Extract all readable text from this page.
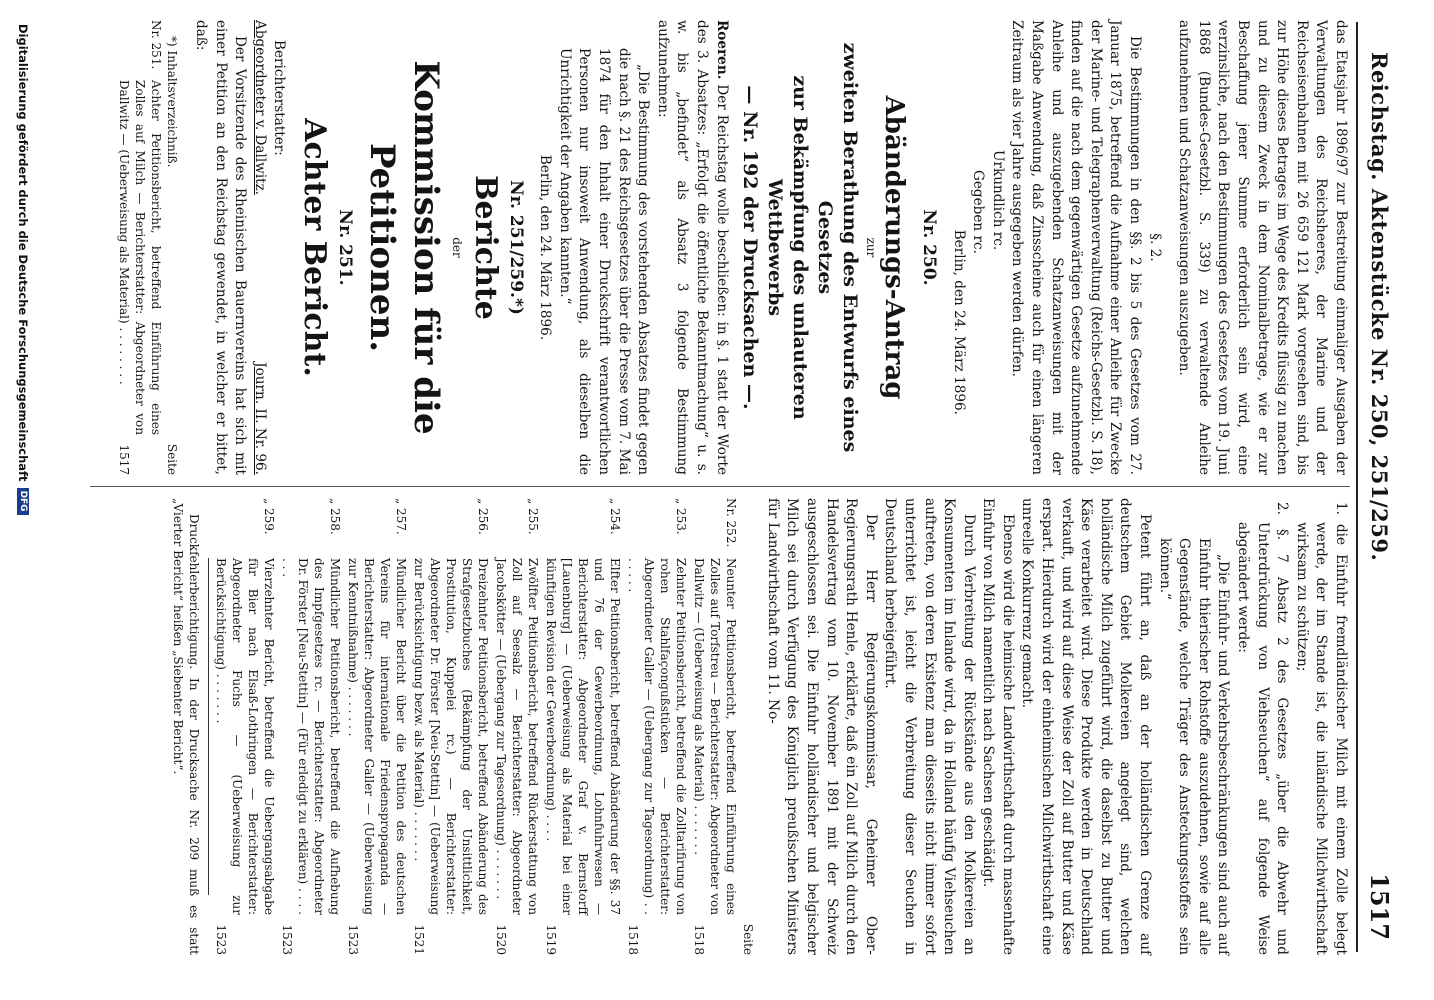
Reichstag. Aktenstücke Nr. 250, 251/259.
1517

das Etatsjahr 1896/97 zur Bestreitung einmaliger Ausgaben der Verwaltungen des Reichsheeres, der Marine und der Reichseisenbahnen mit 26 659 121 Mark vorgesehen sind, bis zur Höhe dieses Betrages im Wege des Kredits flüssig zu machen und zu diesem Zweck in dem Nominalbetrage, wie er zur Beschaffung jener Summe erforderlich sein wird, eine verzinsliche, nach den Bestimmungen des Gesetzes vom 19. Juni 1868 (Bundes-Gesetzbl. S. 339) zu verwaltende Anleihe aufzunehmen und Schatzanweisungen auszugeben.

§. 2.

Die Bestimmungen in den §§. 2 bis 5 des Gesetzes vom 27. Januar 1875, betreffend die Aufnahme einer Anleihe für Zwecke der Marine- und Telegraphenverwaltung (Reichs-Gesetzbl. S. 18), finden auf die nach dem gegenwärtigen Gesetze aufzunehmende Anleihe und auszugebenden Schatzanweisungen mit der Maßgabe Anwendung, daß Zinsscheine auch für einen längeren Zeitraum als vier Jahre ausgegeben werden dürfen.

Urkundlich rc.

Gegeben rc.

Berlin, den 24. März 1896.

Nr. 250.

Abänderungs-Antrag

zur

zweiten Berathung des Entwurfs eines Gesetzes
zur Bekämpfung des unlauteren Wettbewerbs
— Nr. 192 der Drucksachen —.

Roeren. Der Reichstag wolle beschließen: in §. 1 statt der Worte des 3. Absatzes: „Erfolgt die öffentliche Bekanntmachung“ u. s. w. bis „befindet“ als Absatz 3 folgende Bestimmung aufzunehmen:

„Die Bestimmung des vorstehenden Absatzes findet gegen die nach §. 21 des Reichsgesetzes über die Presse vom 7. Mai 1874 für den Inhalt einer Druckschrift verantwortlichen Personen nur insoweit Anwendung, als dieselben die Unrichtigkeit der Angaben kannten.“

Berlin, den 24. März 1896.

Nr. 251/259.*)

Berichte

der

Kommission für die Petitionen.

Nr. 251.

Achter Bericht.

Berichterstatter:

Abgeordneter v. Dallwitz.
Journ. II. Nr. 96.

Der Vorsitzende des Rheinischen Bauernvereins hat sich mit einer Petition an den Reichstag gewendet, in welcher er bittet, daß:

*) Inhaltsverzeichniß.
Seite
Nr. 251.
Achter Petitionsbericht, betreffend Einführung eines Zolles auf Milch — Berichterstatter: Abgeordneter von Dallwitz — (Ueberweisung als Material) . . . . . . . .
1517

1. die Einfuhr fremdländischer Milch mit einem Zolle belegt werde, der im Stande ist, die inländische Milchwirthschaft wirksam zu schützen;

2. §. 7 Absatz 2 des Gesetzes „über die Abwehr und Unterdrückung von Viehseuchen“ auf folgende Weise abgeändert werde:

„Die Einfuhr- und Verkehrsbeschränkungen sind auch auf Einfuhr thierischer Rohstoffe auszudehnen, sowie auf alle Gegenstände, welche Träger des Ansteckungsstoffes sein können.“

Petent führt an, daß an der holländischen Grenze auf deutschem Gebiet Molkereien angelegt sind, welchen holländische Milch zugeführt wird, die daselbst zu Butter und Käse verarbeitet wird. Diese Produkte werden in Deutschland verkauft, und wird auf diese Weise der Zoll auf Butter und Käse erspart. Hierdurch wird der einheimischen Milchwirthschaft eine unreelle Konkurrenz gemacht.

Ebenso wird die heimische Landwirthschaft durch massenhafte Einfuhr von Milch namentlich nach Sachsen geschädigt.

Durch Verbreitung der Rückstände aus den Molkereien an Konsumenten im Inlande wird, da in Holland häufig Viehseuchen auftreten, von deren Existenz man diesseits nicht immer sofort unterrichtet ist, leicht die Verbreitung dieser Seuchen in Deutschland herbeigeführt.

Der Herr Regierungskommissar, Geheimer Ober-Regierungsrath Henle, erklärte, daß ein Zoll auf Milch durch den Handelsvertrag vom 10. November 1891 mit der Schweiz ausgeschlossen sei. Die Einfuhr holländischer und belgischer Milch sei durch Verfügung des Königlich preußischen Ministers für Landwirthschaft vom 11. No-

Seite

Nr. 252.
Neunter Petitionsbericht, betreffend Einführung eines Zolles auf Torfstreu — Berichterstatter: Abgeordneter von Dallwitz — (Ueberweisung als Material) . . . . . . .
1518
„ 253.
Zehnter Petitionsbericht, betreffend die Zolltarifirung von rohen Stahlfaçongußstücken — Berichterstatter: Abgeordneter Galler — (Uebergang zur Tagesordnung) . . . . . . .
1518
„ 254.
Elfter Petitionsbericht, betreffend Abänderung der §§. 37 und 76 der Gewerbeordnung, Lohnfuhrwesen — Berichterstatter: Abgeordneter Graf v. Bernstorff [Lauenburg] — (Ueberweisung als Material bei einer künftigen Revision der Gewerbeordnung) . . . .
1519
„ 255.
Zwölfter Petitionsbericht, betreffend Rückerstattung von Zoll auf Seesalz — Berichterstatter: Abgeordneter Jacobskötter — (Uebergang zur Tagesordnung) . . . . . . .
1520
„ 256.
Dreizehnter Petitionsbericht, betreffend Abänderung des Strafgesetzbuches (Bekämpfung der Unsittlichkeit, Prostitution, Kuppelei rc.) — Berichterstatter: Abgeordneter Dr. Förster [Neu-Stettin] — (Ueberweisung zur Berücksichtigung bezw. als Material) . . . . . . .
1521
„ 257.
Mündlicher Bericht über die Petition des deutschen Vereins für internationale Friedenspropaganda — Berichterstatter: Abgeordneter Galler — (Ueberweisung zur Kenntnißnahme) . . . . . . .
1523
„ 258.
Mündlicher Petitionsbericht, betreffend die Aufhebung des Impfgesetzes rc. — Berichterstatter: Abgeordneter Dr. Förster [Neu-Stettin] — (Für erledigt zu erklären) . . . . . . .
1523
„ 259.
Vierzehnter Bericht, betreffend die Uebergangsabgabe für Bier nach Elsaß-Lothringen — Berichterstatter: Abgeordneter Fuchs — (Ueberweisung zur Berücksichtigung) . . . . . . .
1523

Druckfehlerberichtigung. In der Drucksache Nr. 209 muß es statt „Vierter Bericht“ heißen „Siebenter Bericht“.

Digitalisierung gefördert durch die Deutsche Forschungsgemeinschaft
DFG
